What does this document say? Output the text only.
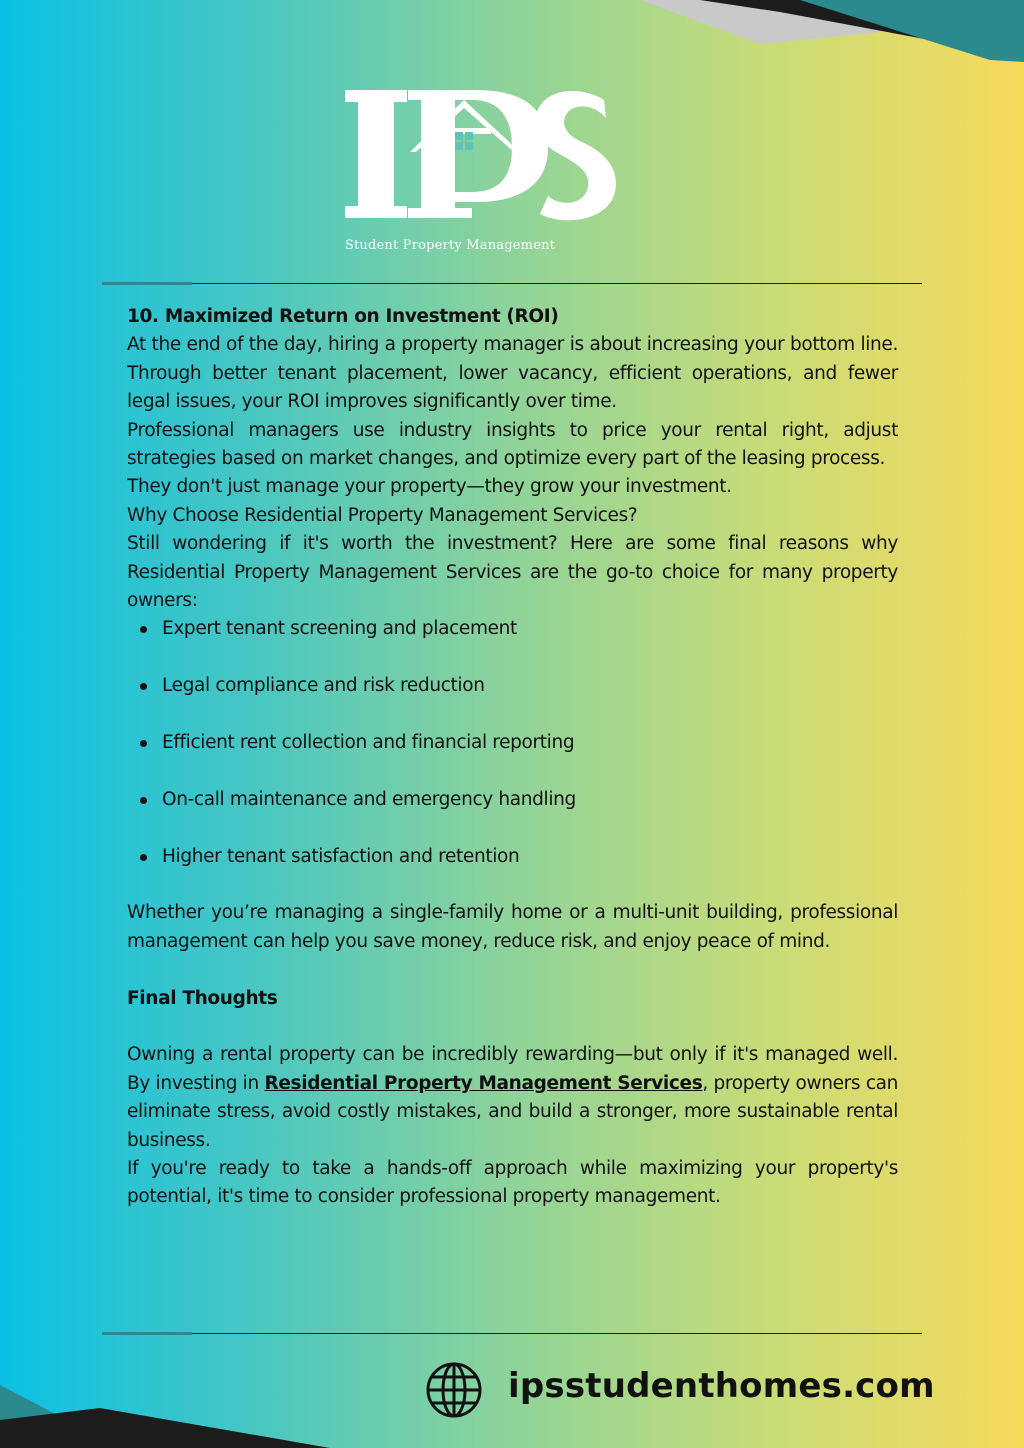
IPS
Student Property Management

10. Maximized Return on Investment (ROI)

At the end of the day, hiring a property manager is about increasing your bottom line. Through better tenant placement, lower vacancy, efficient operations, and fewer legal issues, your ROI improves significantly over time.

Professional managers use industry insights to price your rental right, adjust strategies based on market changes, and optimize every part of the leasing process.

They don't just manage your property—they grow your investment.

Why Choose Residential Property Management Services?

Still wondering if it's worth the investment? Here are some final reasons why Residential Property Management Services are the go-to choice for many property owners:

Expert tenant screening and placement
Legal compliance and risk reduction
Efficient rent collection and financial reporting
On-call maintenance and emergency handling
Higher tenant satisfaction and retention

Whether you’re managing a single-family home or a multi-unit building, professional management can help you save money, reduce risk, and enjoy peace of mind.

Final Thoughts

Owning a rental property can be incredibly rewarding—but only if it's managed well. By investing in Residential Property Management Services, property owners can eliminate stress, avoid costly mistakes, and build a stronger, more sustainable rental business.

If you're ready to take a hands-off approach while maximizing your property's potential, it's time to consider professional property management.

ipsstudenthomes.com
